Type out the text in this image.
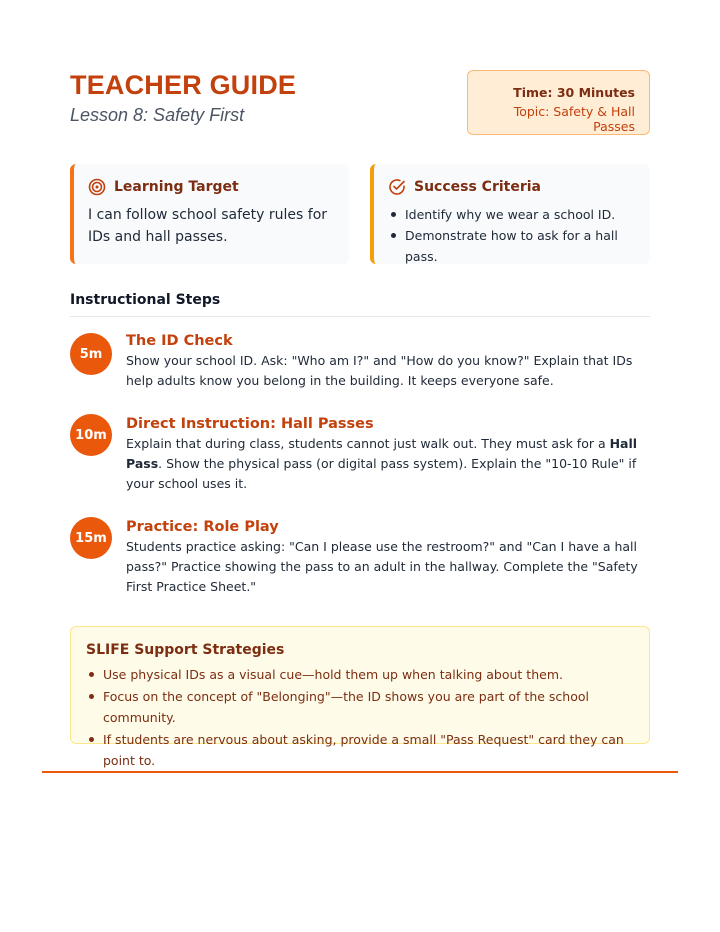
TEACHER GUIDE
Lesson 8: Safety First
Time: 30 Minutes
Topic: Safety & Hall Passes
Learning Target

I can follow school safety rules for IDs and hall passes.

Success Criteria
Identify why we wear a school ID.
Demonstrate how to ask for a hall pass.
Instructional Steps
5m
The ID Check
Show your school ID. Ask: "Who am I?" and "How do you know?" Explain that IDs help adults know you belong in the building. It keeps everyone safe.
10m
Direct Instruction: Hall Passes
Explain that during class, students cannot just walk out. They must ask for a Hall Pass. Show the physical pass (or digital pass system). Explain the "10-10 Rule" if your school uses it.
15m
Practice: Role Play
Students practice asking: "Can I please use the restroom?" and "Can I have a hall pass?" Practice showing the pass to an adult in the hallway. Complete the "Safety First Practice Sheet."
SLIFE Support Strategies
Use physical IDs as a visual cue—hold them up when talking about them.
Focus on the concept of "Belonging"—the ID shows you are part of the school community.
If students are nervous about asking, provide a small "Pass Request" card they can point to.
